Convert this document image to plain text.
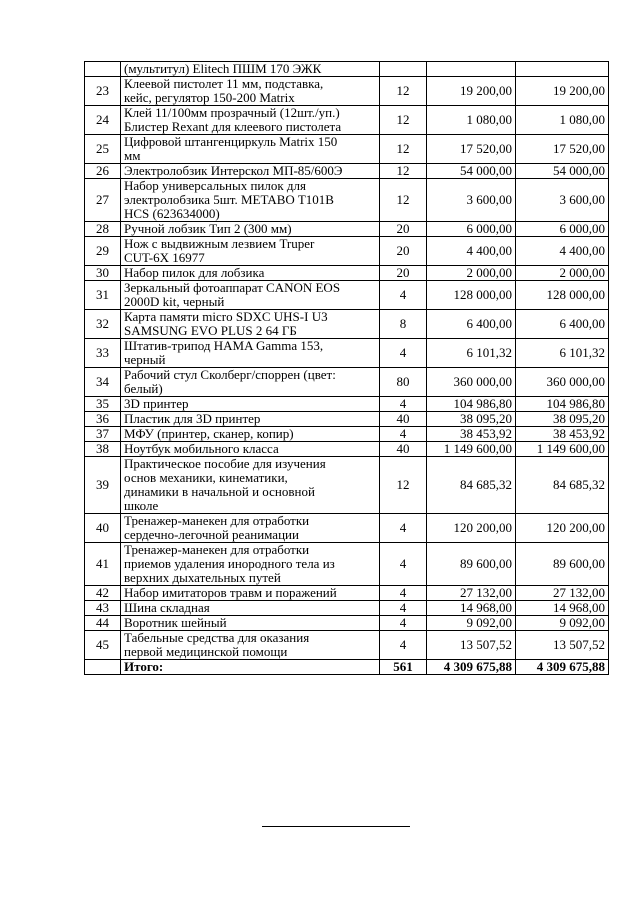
	(мультитул) Elitech ПШМ 170 ЭЖК			
23	Клеевой пистолет 11 мм, подставка,
кейс, регулятор 150-200 Matrix	12	19 200,00	19 200,00
24	Клей 11/100мм прозрачный (12шт./уп.)
Блистер Rexant для клеевого пистолета	12	1 080,00	1 080,00
25	Цифровой штангенциркуль Matrix 150
мм	12	17 520,00	17 520,00
26	Электролобзик Интерскол МП-85/600Э	12	54 000,00	54 000,00
27	Набор универсальных пилок для
электролобзика 5шт. METABO T101B
HCS (623634000)	12	3 600,00	3 600,00
28	Ручной лобзик Тип 2 (300 мм)	20	6 000,00	6 000,00
29	Нож с выдвижным лезвием Truper
CUT-6X 16977	20	4 400,00	4 400,00
30	Набор пилок для лобзика	20	2 000,00	2 000,00
31	Зеркальный фотоаппарат CANON EOS
2000D kit, черный	4	128 000,00	128 000,00
32	Карта памяти micro SDXC UHS-I U3
SAMSUNG EVO PLUS 2 64 ГБ	8	6 400,00	6 400,00
33	Штатив-трипод HAMA Gamma 153,
черный	4	6 101,32	6 101,32
34	Рабочий стул Сколберг/спорpен (цвет:
белый)	80	360 000,00	360 000,00
35	3D принтер	4	104 986,80	104 986,80
36	Пластик для 3D принтер	40	38 095,20	38 095,20
37	МФУ (принтер, сканер, копир)	4	38 453,92	38 453,92
38	Ноутбук мобильного класса	40	1 149 600,00	1 149 600,00
39	Практическое пособие для изучения
основ механики, кинематики,
динамики в начальной и основной
школе	12	84 685,32	84 685,32
40	Тренажер-манекен для отработки
сердечно-легочной реанимации	4	120 200,00	120 200,00
41	Тренажер-манекен для отработки
приемов удаления инородного тела из
верхних дыхательных путей	4	89 600,00	89 600,00
42	Набор имитаторов травм и поражений	4	27 132,00	27 132,00
43	Шина складная	4	14 968,00	14 968,00
44	Воротник шейный	4	9 092,00	9 092,00
45	Табельные средства для оказания
первой медицинской помощи	4	13 507,52	13 507,52
	Итого:	561	4 309 675,88	4 309 675,88
